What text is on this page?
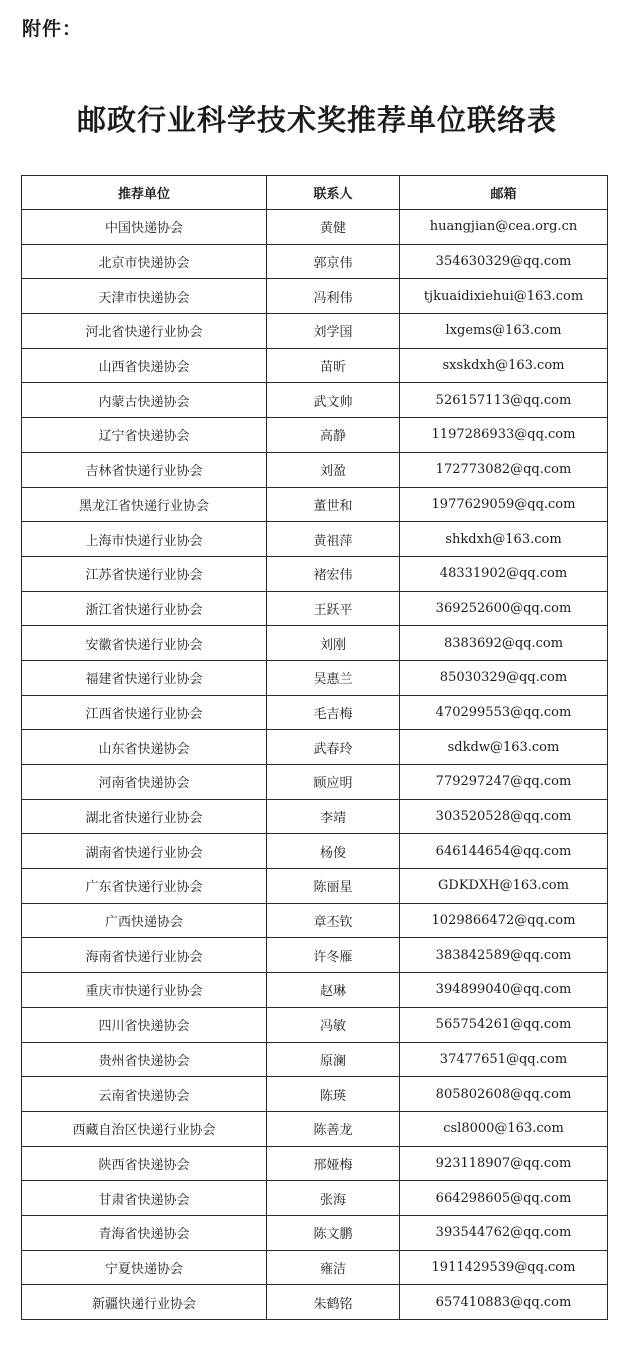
附件：
邮政行业科学技术奖推荐单位联络表
推荐单位	联系人	邮箱
中国快递协会	黄健	huangjian@cea.org.cn
北京市快递协会	郭京伟	354630329@qq.com
天津市快递协会	冯利伟	tjkuaidixiehui@163.com
河北省快递行业协会	刘学国	lxgems@163.com
山西省快递协会	苗昕	sxskdxh@163.com
内蒙古快递协会	武文帅	526157113@qq.com
辽宁省快递协会	高静	1197286933@qq.com
吉林省快递行业协会	刘盈	172773082@qq.com
黑龙江省快递行业协会	董世和	1977629059@qq.com
上海市快递行业协会	黄祖萍	shkdxh@163.com
江苏省快递行业协会	褚宏伟	48331902@qq.com
浙江省快递行业协会	王跃平	369252600@qq.com
安徽省快递行业协会	刘刚	8383692@qq.com
福建省快递行业协会	吴惠兰	85030329@qq.com
江西省快递行业协会	毛吉梅	470299553@qq.com
山东省快递协会	武春玲	sdkdw@163.com
河南省快递协会	顾应明	779297247@qq.com
湖北省快递行业协会	李靖	303520528@qq.com
湖南省快递行业协会	杨俊	646144654@qq.com
广东省快递行业协会	陈丽星	GDKDXH@163.com
广西快递协会	章丕钦	1029866472@qq.com
海南省快递行业协会	许冬雁	383842589@qq.com
重庆市快递行业协会	赵琳	394899040@qq.com
四川省快递协会	冯敏	565754261@qq.com
贵州省快递协会	原澜	37477651@qq.com
云南省快递协会	陈瑛	805802608@qq.com
西藏自治区快递行业协会	陈善龙	csl8000@163.com
陕西省快递协会	邢娅梅	923118907@qq.com
甘肃省快递协会	张海	664298605@qq.com
青海省快递协会	陈文鹏	393544762@qq.com
宁夏快递协会	雍洁	1911429539@qq.com
新疆快递行业协会	朱鹤铭	657410883@qq.com
